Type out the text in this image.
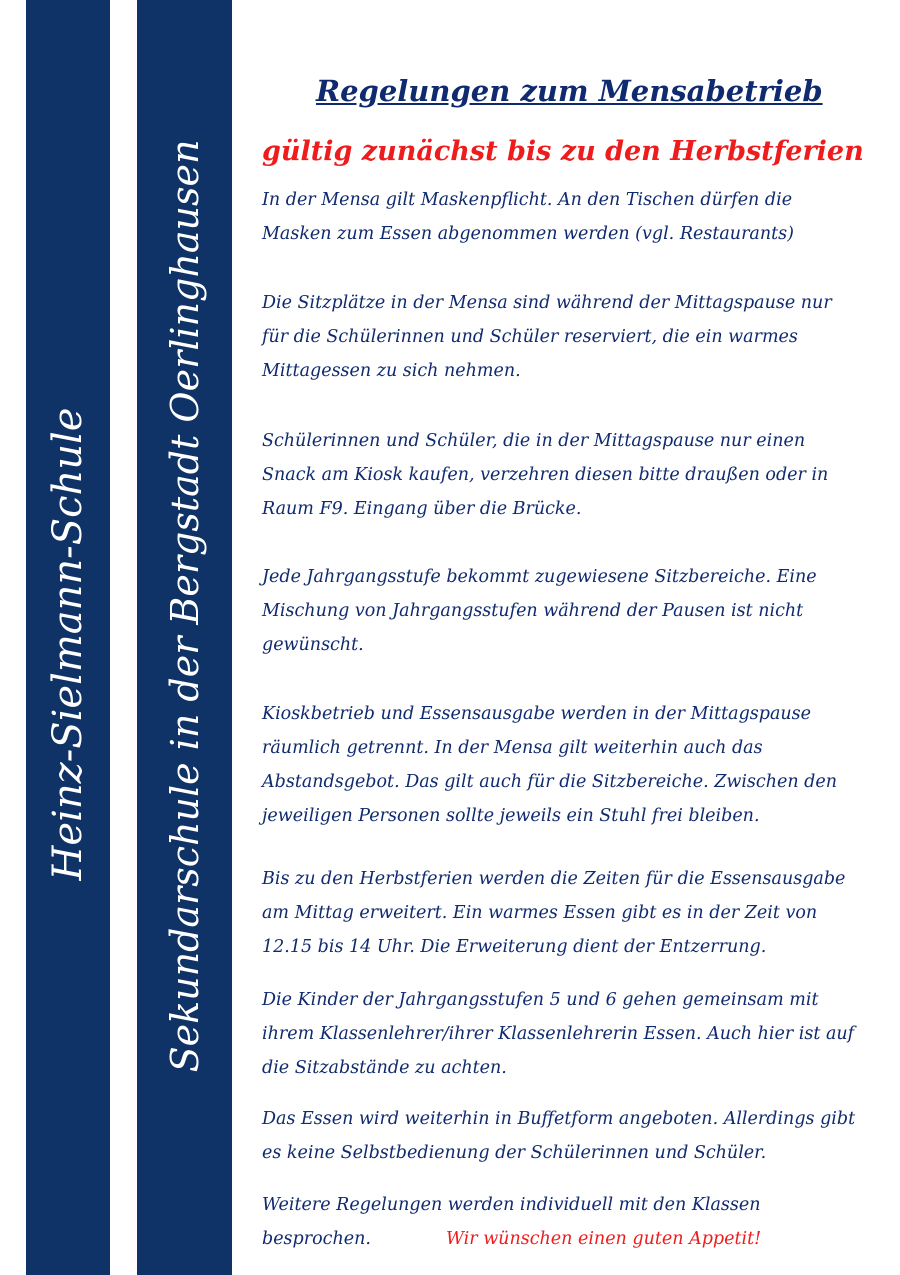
Heinz-Sielmann-Schule Sekundarschule in der Bergstadt Oerlinghausen
Regelungen zum Mensabetrieb
gültig zunächst bis zu den Herbstferien
In der Mensa gilt Maskenpflicht. An den Tischen dürfen die Masken zum Essen abgenommen werden (vgl. Restaurants)
Die Sitzplätze in der Mensa sind während der Mittagspause nur für die Schülerinnen und Schüler reserviert, die ein warmes Mittagessen zu sich nehmen.
Schülerinnen und Schüler, die in der Mittagspause nur einen Snack am Kiosk kaufen, verzehren diesen bitte draußen oder in Raum F9. Eingang über die Brücke.
Jede Jahrgangsstufe bekommt zugewiesene Sitzbereiche. Eine Mischung von Jahrgangsstufen während der Pausen ist nicht gewünscht.
Kioskbetrieb und Essensausgabe werden in der Mittagspause räumlich getrennt. In der Mensa gilt weiterhin auch das Abstandsgebot. Das gilt auch für die Sitzbereiche. Zwischen den jeweiligen Personen sollte jeweils ein Stuhl frei bleiben.
Bis zu den Herbstferien werden die Zeiten für die Essensausgabe am Mittag erweitert. Ein warmes Essen gibt es in der Zeit von 12.15 bis 14 Uhr. Die Erweiterung dient der Entzerrung.
Die Kinder der Jahrgangsstufen 5 und 6 gehen gemeinsam mit ihrem Klassenlehrer/ihrer Klassenlehrerin Essen. Auch hier ist auf die Sitzabstände zu achten.
Das Essen wird weiterhin in Buffetform angeboten. Allerdings gibt es keine Selbstbedienung der Schülerinnen und Schüler.
Weitere Regelungen werden individuell mit den Klassen besprochen.	Wir wünschen einen guten Appetit!
